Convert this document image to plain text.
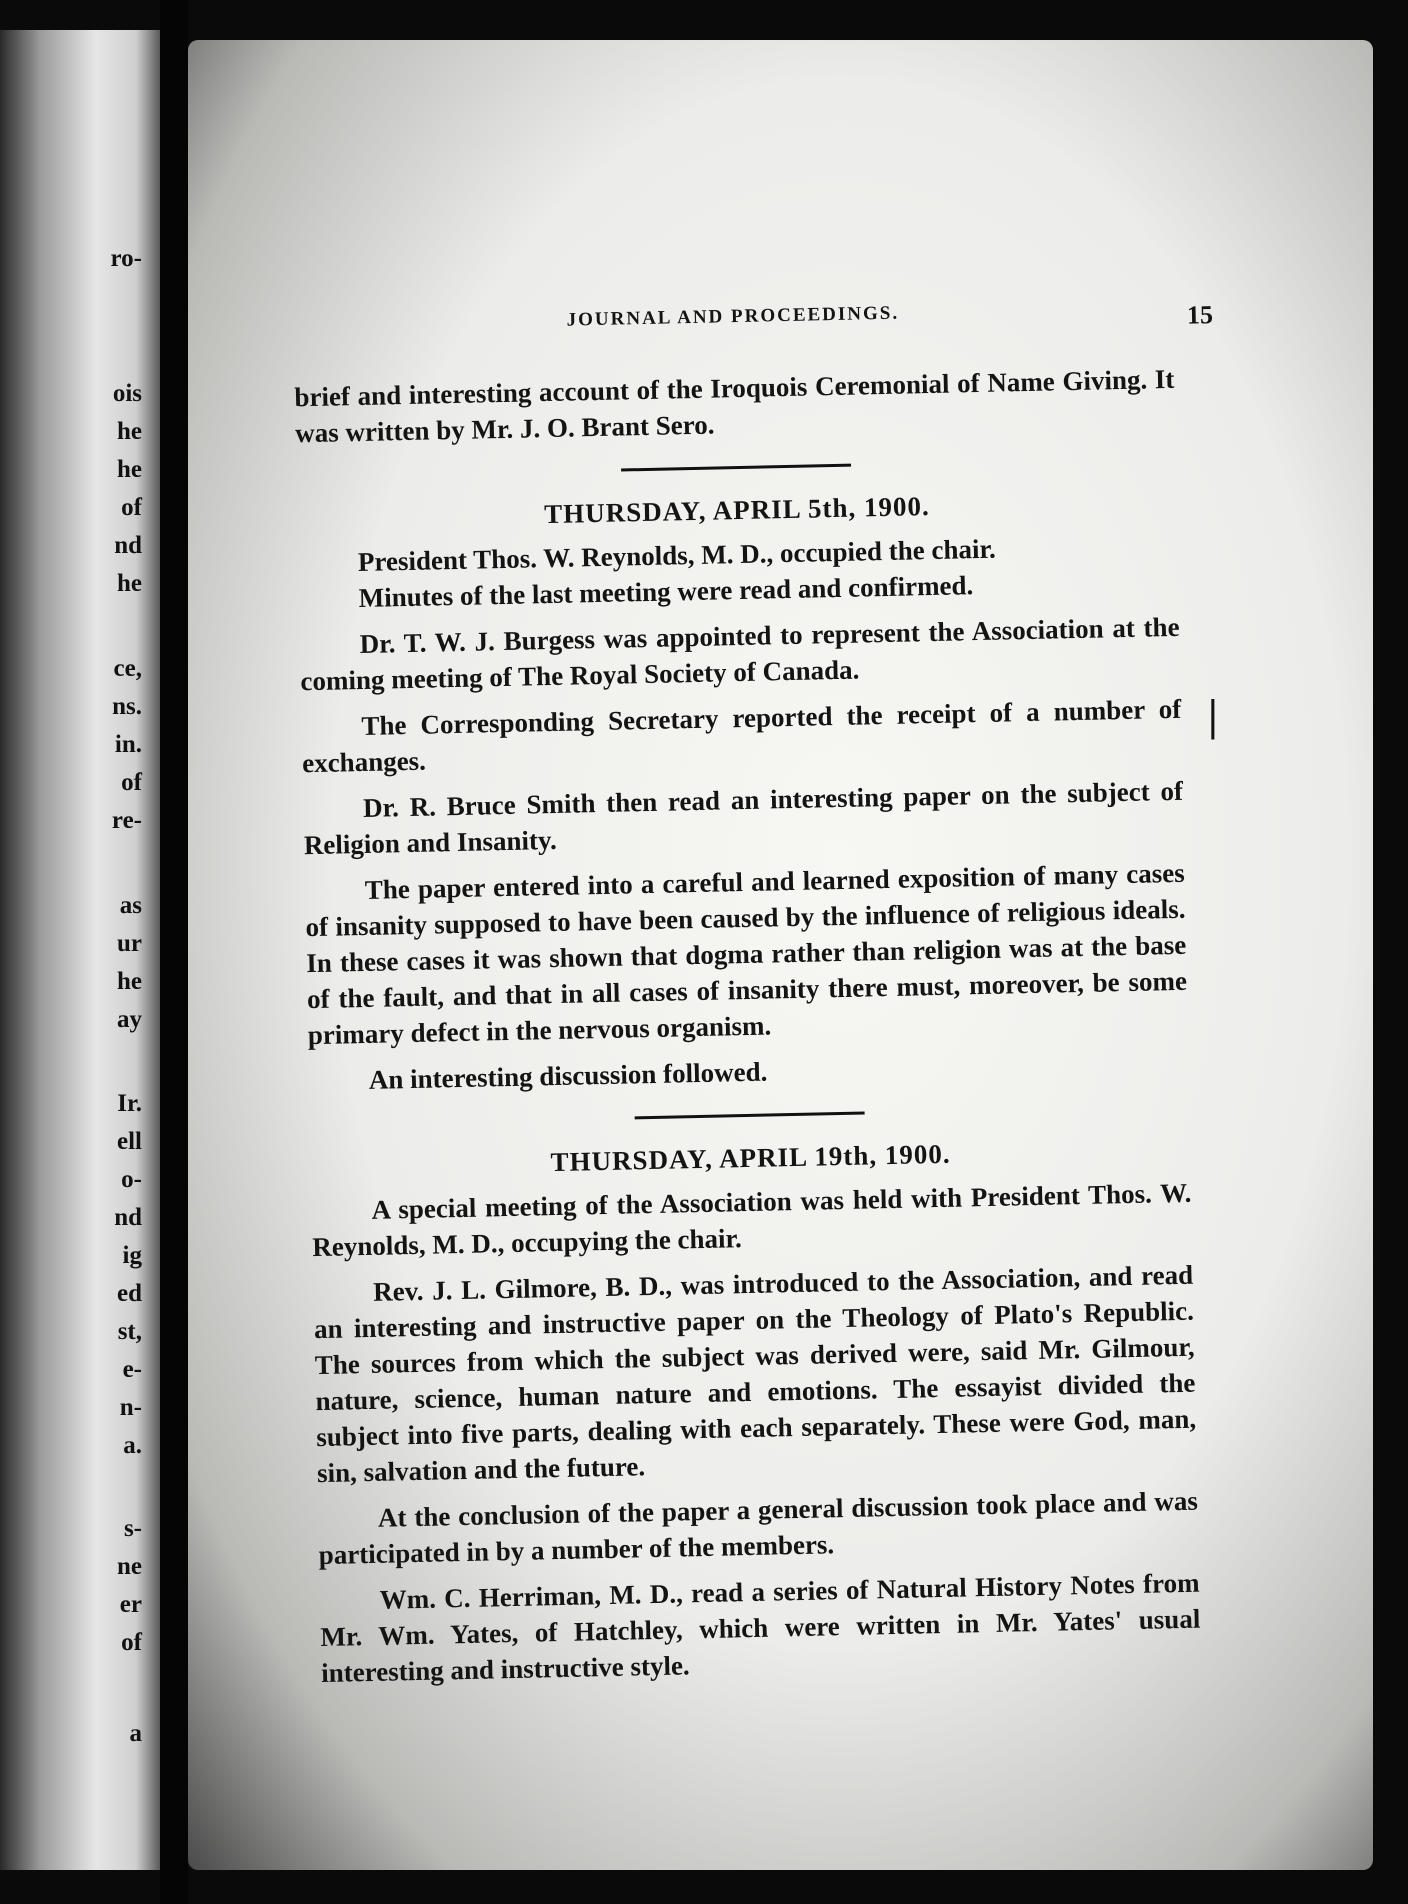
ro-
ois
he
he
of
nd
he
ce,
ns.
in.
of
re-
as
ur
he
ay
Ir.
ell
o-
nd
ig
ed
st,
e-
n-
a.
s-
ne
er
of
a
JOURNAL AND PROCEEDINGS.	15

brief and interesting account of the Iroquois Ceremonial of Name Giving. It was written by Mr. J. O. Brant Sero.

THURSDAY, APRIL 5th, 1900.

President Thos. W. Reynolds, M. D., occupied the chair.

Minutes of the last meeting were read and confirmed.

Dr. T. W. J. Burgess was appointed to represent the Association at the coming meeting of The Royal Society of Canada.

The Corresponding Secretary reported the receipt of a number of exchanges.

Dr. R. Bruce Smith then read an interesting paper on the subject of Religion and Insanity.

The paper entered into a careful and learned exposition of many cases of insanity supposed to have been caused by the influence of religious ideals. In these cases it was shown that dogma rather than religion was at the base of the fault, and that in all cases of insanity there must, moreover, be some primary defect in the nervous organism.

An interesting discussion followed.

THURSDAY, APRIL 19th, 1900.

A special meeting of the Association was held with President Thos. W. Reynolds, M. D., occupying the chair.

Rev. J. L. Gilmore, B. D., was introduced to the Association, and read an interesting and instructive paper on the Theology of Plato's Republic. The sources from which the subject was derived were, said Mr. Gilmour, nature, science, human nature and emotions. The essayist divided the subject into five parts, dealing with each separately. These were God, man, sin, salvation and the future.

At the conclusion of the paper a general discussion took place and was participated in by a number of the members.

Wm. C. Herriman, M. D., read a series of Natural History Notes from Mr. Wm. Yates, of Hatchley, which were written in Mr. Yates' usual interesting and instructive style.

|
